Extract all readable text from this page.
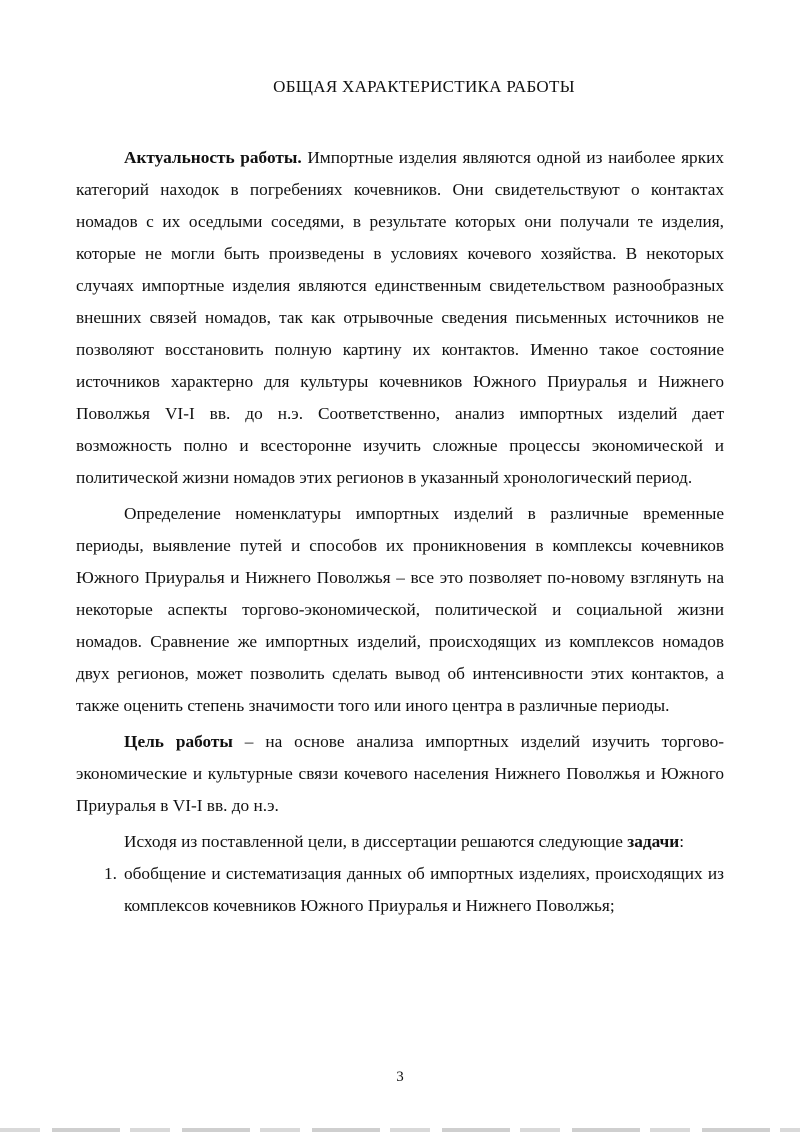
ОБЩАЯ ХАРАКТЕРИСТИКА РАБОТЫ

Актуальность работы. Импортные изделия являются одной из наиболее ярких категорий находок в погребениях кочевников. Они свидетельствуют о контактах номадов с их оседлыми соседями, в результате которых они получали те изделия, которые не могли быть произведены в условиях кочевого хозяйства. В некоторых случаях импортные изделия являются единственным свидетельством разнообразных внешних связей номадов, так как отрывочные сведения письменных источников не позволяют восстановить полную картину их контактов. Именно такое состояние источников характерно для культуры кочевников Южного Приуралья и Нижнего Поволжья VI-I вв. до н.э. Соответственно, анализ импортных изделий дает возможность полно и всесторонне изучить сложные процессы экономической и политической жизни номадов этих регионов в указанный хронологический период.

Определение номенклатуры импортных изделий в различные временные периоды, выявление путей и способов их проникновения в комплексы кочевников Южного Приуралья и Нижнего Поволжья – все это позволяет по-новому взглянуть на некоторые аспекты торгово-экономической, политической и социальной жизни номадов. Сравнение же импортных изделий, происходящих из комплексов номадов двух регионов, может позволить сделать вывод об интенсивности этих контактов, а также оценить степень значимости того или иного центра в различные периоды.

Цель работы – на основе анализа импортных изделий изучить торгово-экономические и культурные связи кочевого населения Нижнего Поволжья и Южного Приуралья в VI-I вв. до н.э.

Исходя из поставленной цели, в диссертации решаются следующие задачи:

1. обобщение и систематизация данных об импортных изделиях, происходящих из комплексов кочевников Южного Приуралья и Нижнего Поволжья;
3
